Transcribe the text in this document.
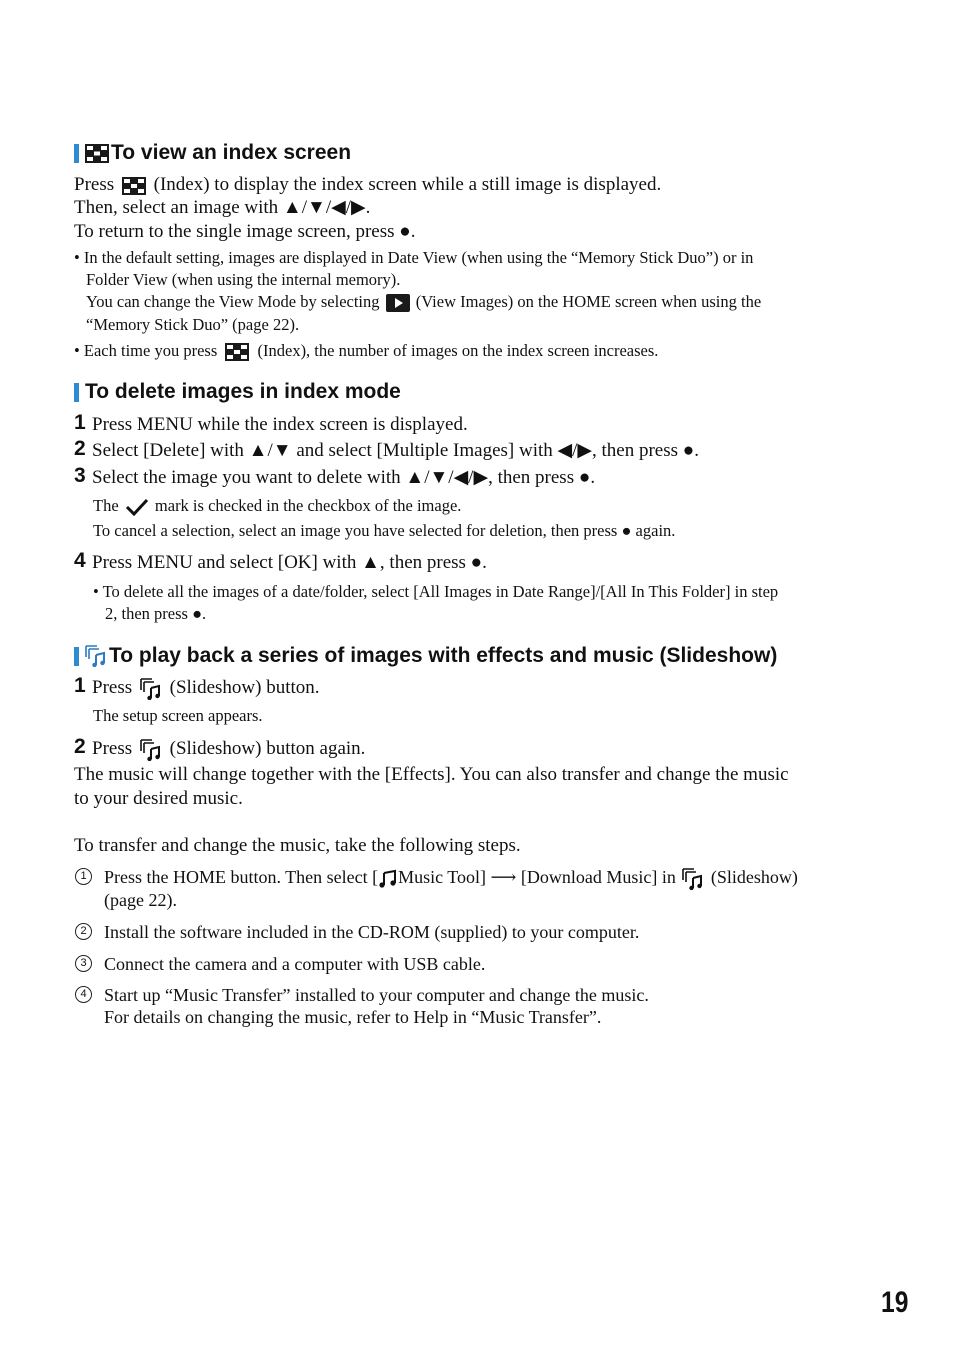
To view an index screen
Press (Index) to display the index screen while a still image is displayed.
Then, select an image with ▲/▼/◀/▶.
To return to the single image screen, press ●.
• In the default setting, images are displayed in Date View (when using the “Memory Stick Duo”) or in
Folder View (when using the internal memory).
You can change the View Mode by selecting (View Images) on the HOME screen when using the
“Memory Stick Duo” (page 22).
• Each time you press (Index), the number of images on the index screen increases.
To delete images in index mode
1 Press MENU while the index screen is displayed.
2 Select [Delete] with ▲/▼ and select [Multiple Images] with ◀/▶, then press ●.
3 Select the image you want to delete with ▲/▼/◀/▶, then press ●.
The mark is checked in the checkbox of the image.
To cancel a selection, select an image you have selected for deletion, then press ● again.
4 Press MENU and select [OK] with ▲, then press ●.
• To delete all the images of a date/folder, select [All Images in Date Range]/[All In This Folder] in step
2, then press ●.
To play back a series of images with effects and music (Slideshow)
1 Press (Slideshow) button.
The setup screen appears.
2 Press (Slideshow) button again.
The music will change together with the [Effects]. You can also transfer and change the music
to your desired music.
To transfer and change the music, take the following steps.
1 Press the HOME button. Then select [ Music Tool] ⟶ [Download Music] in (Slideshow)
(page 22).
2 Install the software included in the CD-ROM (supplied) to your computer.
3 Connect the camera and a computer with USB cable.
4 Start up “Music Transfer” installed to your computer and change the music.
For details on changing the music, refer to Help in “Music Transfer”.
19
